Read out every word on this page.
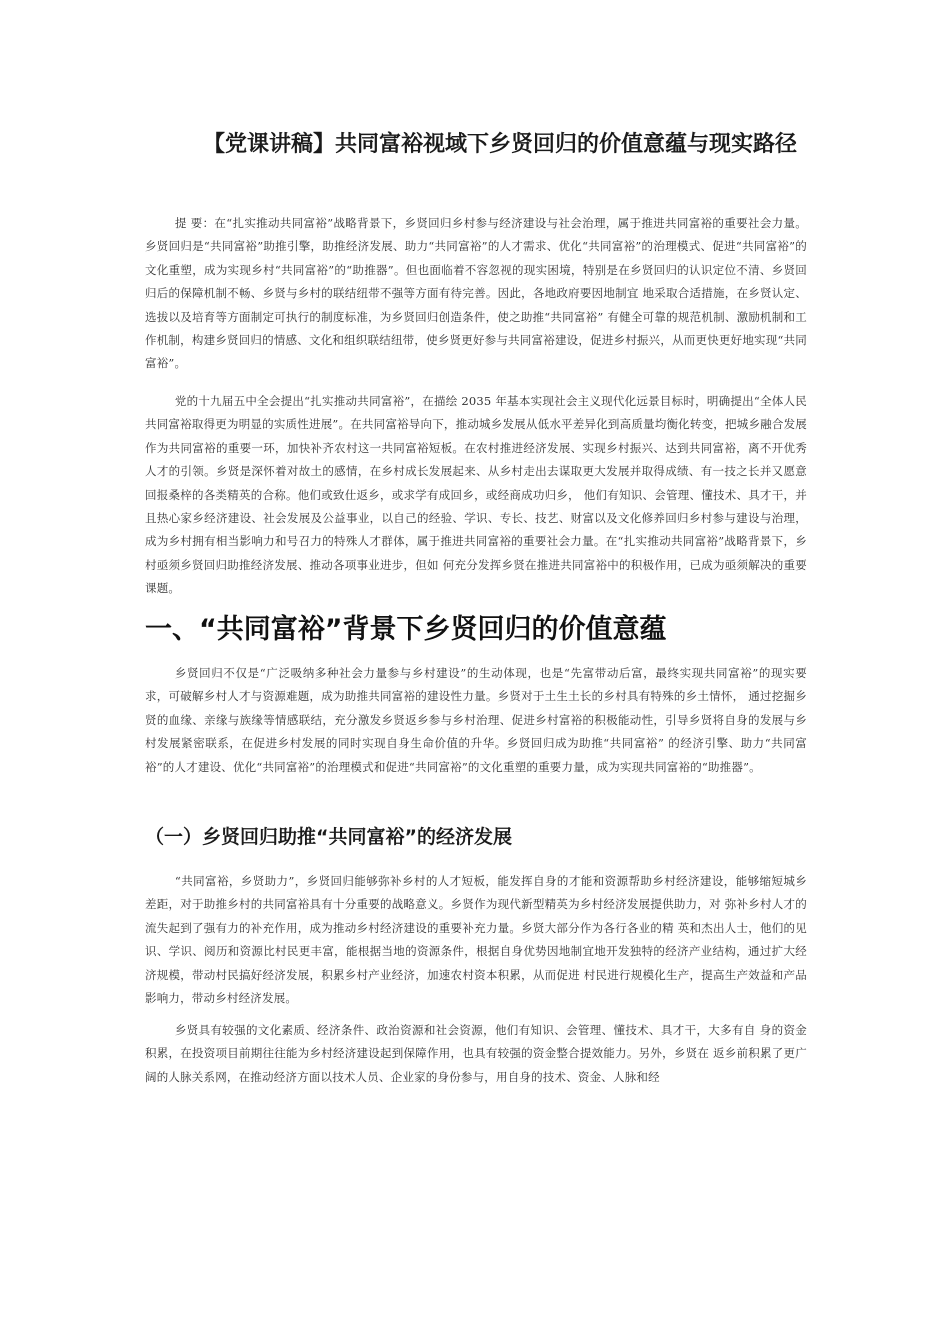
【党课讲稿】共同富裕视域下乡贤回归的价值意蕴与现实路径

提 要：在“扎实推动共同富裕”战略背景下，乡贤回归乡村参与经济建设与社会治理，属于推进共同富裕的重要社会力量。乡贤回归是“共同富裕”助推引擎，助推经济发展、助力“共同富裕”的人才需求、优化“共同富裕”的治理模式、促进“共同富裕”的文化重塑，成为实现乡村“共同富裕”的“助推器”。但也面临着不容忽视的现实困境，特别是在乡贤回归的认识定位不清、乡贤回归后的保障机制不畅、乡贤与乡村的联结纽带不强等方面有待完善。因此，各地政府要因地制宜 地采取合适措施，在乡贤认定、选拔以及培育等方面制定可执行的制度标准，为乡贤回归创造条件，使之助推“共同富裕” 有健全可靠的规范机制、激励机制和工作机制，构建乡贤回归的情感、文化和组织联结纽带，使乡贤更好参与共同富裕建设，促进乡村振兴，从而更快更好地实现“共同富裕”。

党的十九届五中全会提出“扎实推动共同富裕”，在描绘 2035 年基本实现社会主义现代化远景目标时，明确提出“全体人民共同富裕取得更为明显的实质性进展”。在共同富裕导向下，推动城乡发展从低水平差异化到高质量均衡化转变，把城乡融合发展作为共同富裕的重要一环，加快补齐农村这一共同富裕短板。在农村推进经济发展、实现乡村振兴、达到共同富裕，离不开优秀人才的引领。乡贤是深怀着对故土的感情，在乡村成长发展起来、从乡村走出去谋取更大发展并取得成绩、有一技之长并又愿意回报桑梓的各类精英的合称。他们或致仕返乡，或求学有成回乡，或经商成功归乡， 他们有知识、会管理、懂技术、具才干，并且热心家乡经济建设、社会发展及公益事业，以自己的经验、学识、专长、技艺、财富以及文化修养回归乡村参与建设与治理，成为乡村拥有相当影响力和号召力的特殊人才群体，属于推进共同富裕的重要社会力量。在“扎实推动共同富裕”战略背景下，乡村亟须乡贤回归助推经济发展、推动各项事业进步，但如 何充分发挥乡贤在推进共同富裕中的积极作用，已成为亟须解决的重要课题。

一、“共同富裕”背景下乡贤回归的价值意蕴

乡贤回归不仅是“广泛吸纳多种社会力量参与乡村建设”的生动体现，也是“先富带动后富，最终实现共同富裕”的现实要求，可破解乡村人才与资源难题，成为助推共同富裕的建设性力量。乡贤对于土生土长的乡村具有特殊的乡土情怀， 通过挖掘乡贤的血缘、亲缘与族缘等情感联结，充分激发乡贤返乡参与乡村治理、促进乡村富裕的积极能动性，引导乡贤将自身的发展与乡村发展紧密联系，在促进乡村发展的同时实现自身生命价值的升华。乡贤回归成为助推“共同富裕” 的经济引擎、助力“共同富裕”的人才建设、优化“共同富裕”的治理模式和促进“共同富裕”的文化重塑的重要力量，成为实现共同富裕的“助推器”。

（一）乡贤回归助推“共同富裕”的经济发展

“共同富裕，乡贤助力”，乡贤回归能够弥补乡村的人才短板，能发挥自身的才能和资源帮助乡村经济建设，能够缩短城乡差距，对于助推乡村的共同富裕具有十分重要的战略意义。乡贤作为现代新型精英为乡村经济发展提供助力，对 弥补乡村人才的流失起到了强有力的补充作用，成为推动乡村经济建设的重要补充力量。乡贤大部分作为各行各业的精 英和杰出人士，他们的见识、学识、阅历和资源比村民更丰富，能根据当地的资源条件，根据自身优势因地制宜地开发独特的经济产业结构，通过扩大经济规模，带动村民搞好经济发展，积累乡村产业经济，加速农村资本积累，从而促进 村民进行规模化生产，提高生产效益和产品影响力，带动乡村经济发展。

乡贤具有较强的文化素质、经济条件、政治资源和社会资源，他们有知识、会管理、懂技术、具才干，大多有自 身的资金积累，在投资项目前期往往能为乡村经济建设起到保障作用，也具有较强的资金整合提效能力。另外，乡贤在 返乡前积累了更广阔的人脉关系网，在推动经济方面以技术人员、企业家的身份参与，用自身的技术、资金、人脉和经
